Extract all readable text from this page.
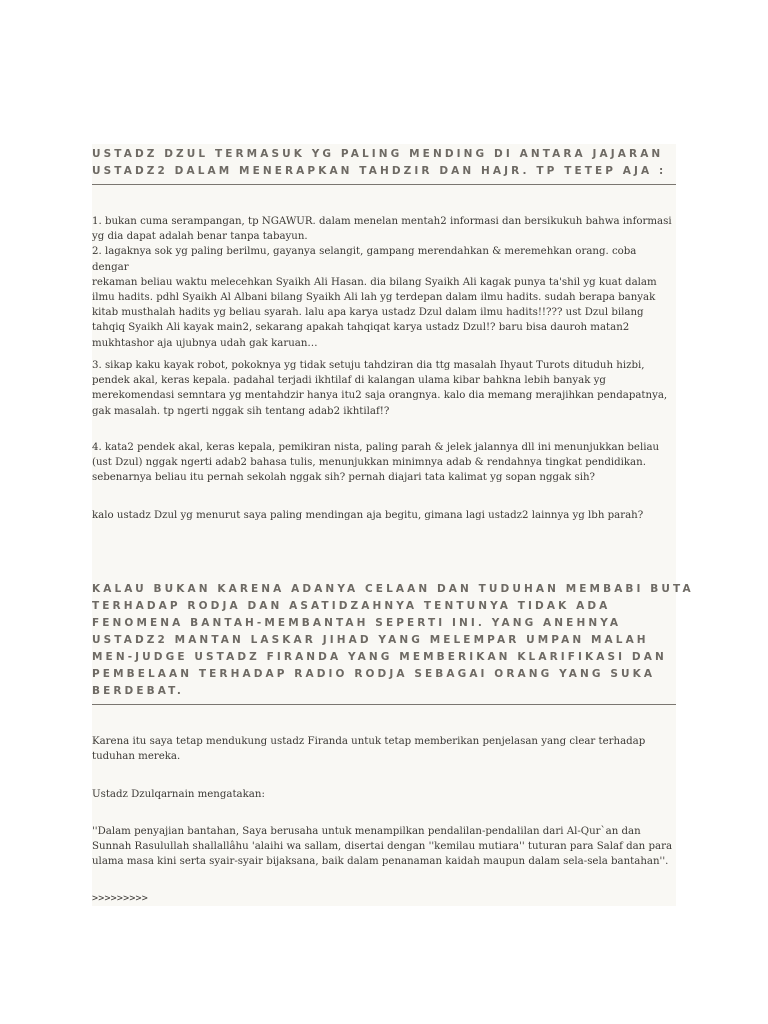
USTADZ DZUL TERMASUK YG PALING MENDING DI ANTARA JAJARAN
USTADZ2 DALAM MENERAPKAN TAHDZIR DAN HAJR. TP TETEP AJA :

1. bukan cuma serampangan, tp NGAWUR. dalam menelan mentah2 informasi dan bersikukuh bahwa informasi
yg dia dapat adalah benar tanpa tabayun.
2. lagaknya sok yg paling berilmu, gayanya selangit, gampang merendahkan & meremehkan orang. coba dengar
rekaman beliau waktu melecehkan Syaikh Ali Hasan. dia bilang Syaikh Ali kagak punya ta'shil yg kuat dalam
ilmu hadits. pdhl Syaikh Al Albani bilang Syaikh Ali lah yg terdepan dalam ilmu hadits. sudah berapa banyak
kitab musthalah hadits yg beliau syarah. lalu apa karya ustadz Dzul dalam ilmu hadits!!??? ust Dzul bilang
tahqiq Syaikh Ali kayak main2, sekarang apakah tahqiqat karya ustadz Dzul!? baru bisa dauroh matan2
mukhtashor aja ujubnya udah gak karuan…

3. sikap kaku kayak robot, pokoknya yg tidak setuju tahdziran dia ttg masalah Ihyaut Turots dituduh hizbi,
pendek akal, keras kepala. padahal terjadi ikhtilaf di kalangan ulama kibar bahkna lebih banyak yg
merekomendasi semntara yg mentahdzir hanya itu2 saja orangnya. kalo dia memang merajihkan pendapatnya,
gak masalah. tp ngerti nggak sih tentang adab2 ikhtilaf!?

4. kata2 pendek akal, keras kepala, pemikiran nista, paling parah & jelek jalannya dll ini menunjukkan beliau
(ust Dzul) nggak ngerti adab2 bahasa tulis, menunjukkan minimnya adab & rendahnya tingkat pendidikan.
sebenarnya beliau itu pernah sekolah nggak sih? pernah diajari tata kalimat yg sopan nggak sih?

kalo ustadz Dzul yg menurut saya paling mendingan aja begitu, gimana lagi ustadz2 lainnya yg lbh parah?

KALAU BUKAN KARENA ADANYA CELAAN DAN TUDUHAN MEMBABI BUTA
TERHADAP RODJA DAN ASATIDZAHNYA TENTUNYA TIDAK ADA
FENOMENA BANTAH-MEMBANTAH SEPERTI INI. YANG ANEHNYA
USTADZ2 MANTAN LASKAR JIHAD YANG MELEMPAR UMPAN MALAH
MEN-JUDGE USTADZ FIRANDA YANG MEMBERIKAN KLARIFIKASI DAN
PEMBELAAN TERHADAP RADIO RODJA SEBAGAI ORANG YANG SUKA
BERDEBAT.

Karena itu saya tetap mendukung ustadz Firanda untuk tetap memberikan penjelasan yang clear terhadap
tuduhan mereka.

Ustadz Dzulqarnain mengatakan:

''Dalam penyajian bantahan, Saya berusaha untuk menampilkan pendalilan-pendalilan dari Al-Qur`an dan
Sunnah Rasulullah shallallâhu 'alaihi wa sallam, disertai dengan ''kemilau mutiara'' tuturan para Salaf dan para
ulama masa kini serta syair-syair bijaksana, baik dalam penanaman kaidah maupun dalam sela-sela bantahan''.

>>>>>>>>>
